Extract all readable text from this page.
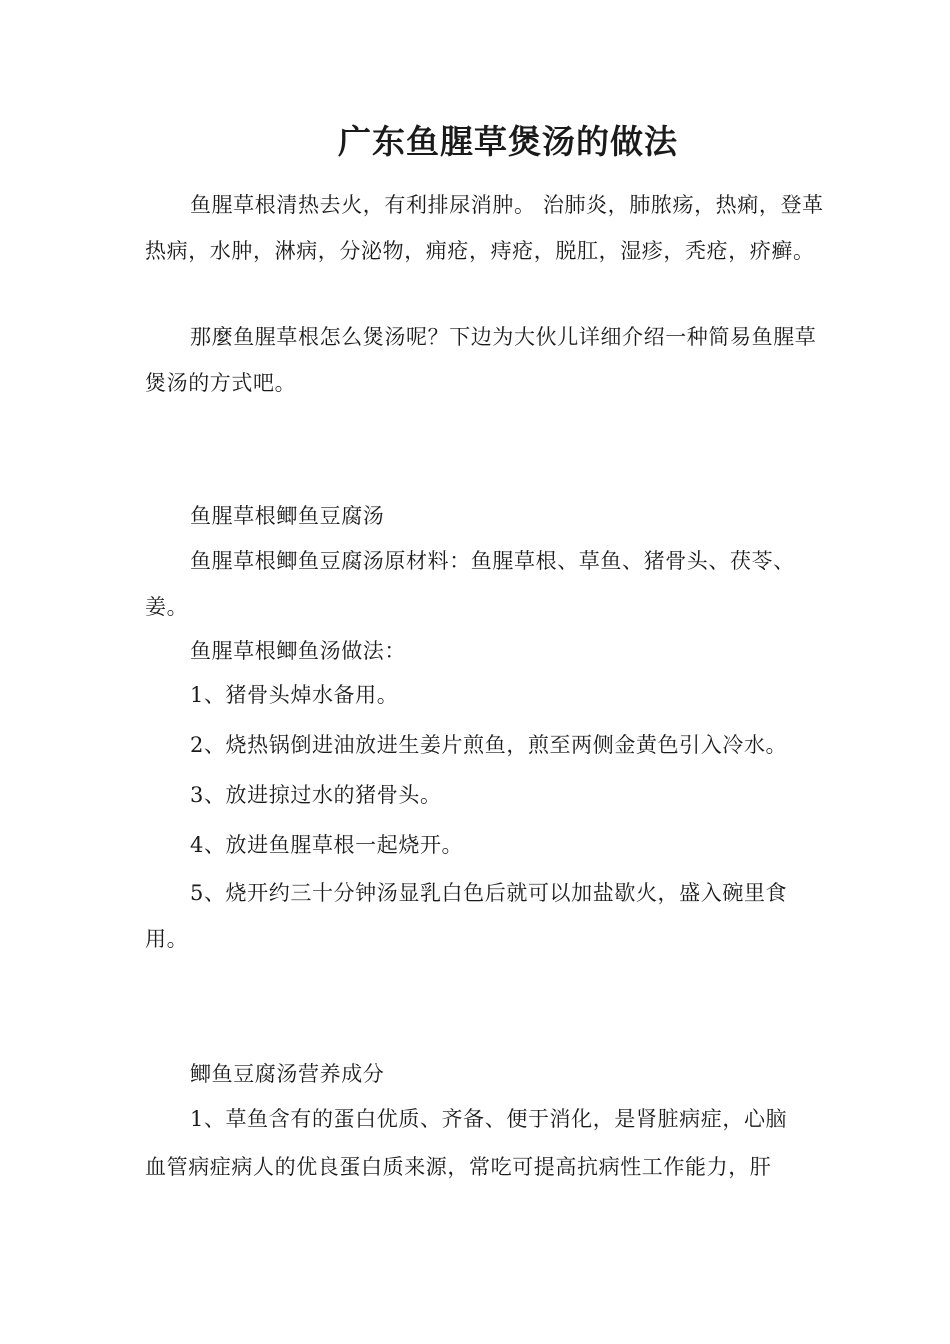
广东鱼腥草煲汤的做法

鱼腥草根清热去火，有利排尿消肿。 治肺炎，肺脓疡，热痢，登革热病，水肿，淋病，分泌物，痈疮，痔疮，脱肛，湿疹，秃疮，疥癣。

那麼鱼腥草根怎么煲汤呢？下边为大伙儿详细介绍一种简易鱼腥草煲汤的方式吧。

鱼腥草根鲫鱼豆腐汤

鱼腥草根鲫鱼豆腐汤原材料：鱼腥草根、草鱼、猪骨头、茯苓、姜。

鱼腥草根鲫鱼汤做法：
1、猪骨头焯水备用。
2、烧热锅倒进油放进生姜片煎鱼，煎至两侧金黄色引入冷水。
3、放进掠过水的猪骨头。
4、放进鱼腥草根一起烧开。

5、烧开约三十分钟汤显乳白色后就可以加盐歇火，盛入碗里食用。

鲫鱼豆腐汤营养成分
1、草鱼含有的蛋白优质、齐备、便于消化，是肾脏病症，心脑
血管病症病人的优良蛋白质来源，常吃可提高抗病性工作能力，肝
